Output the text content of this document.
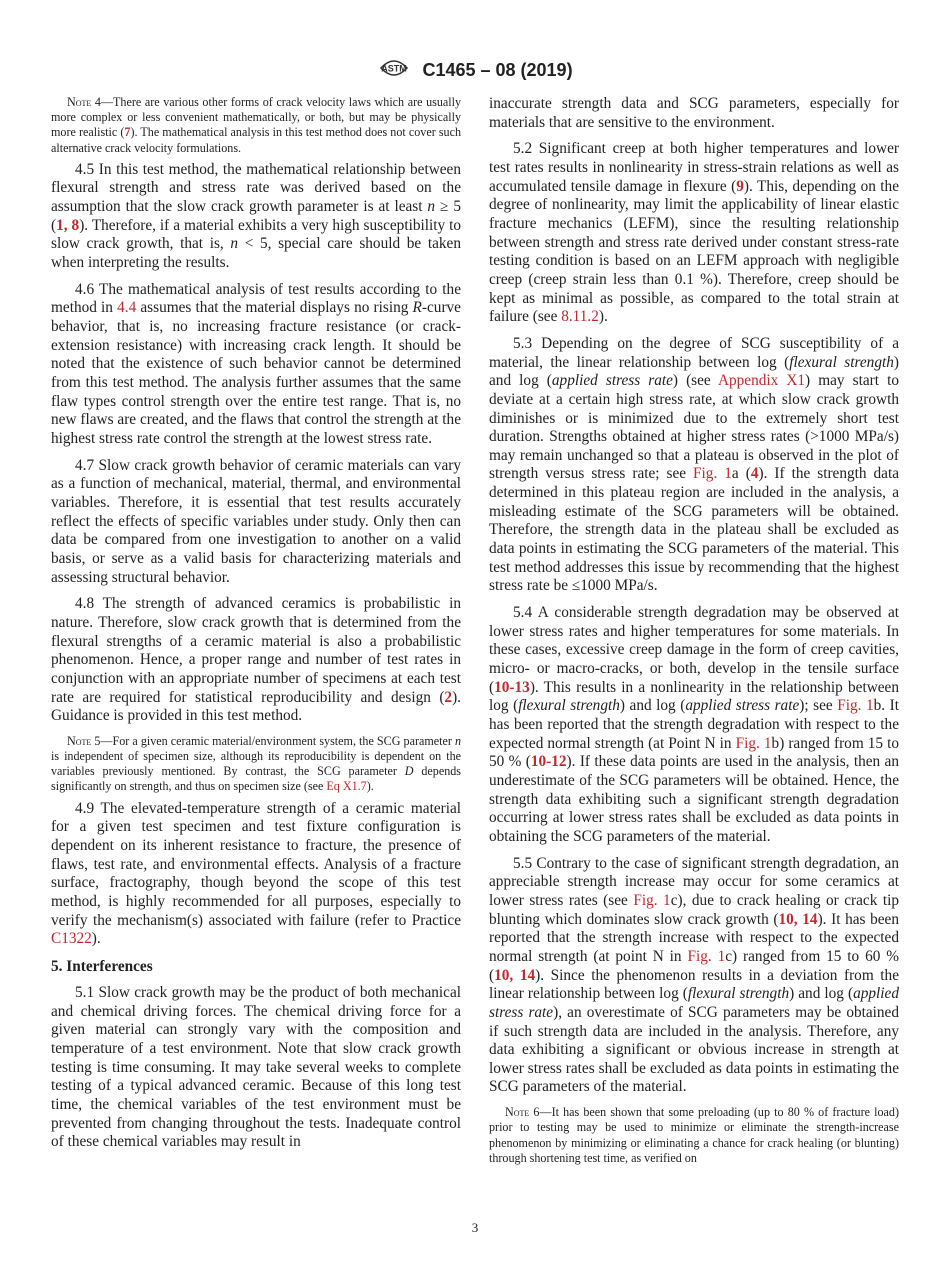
ASTM C1465 – 08 (2019)

Note 4—There are various other forms of crack velocity laws which are usually more complex or less convenient mathematically, or both, but may be physically more realistic (7). The mathematical analysis in this test method does not cover such alternative crack velocity formulations.

4.5 In this test method, the mathematical relationship between flexural strength and stress rate was derived based on the assumption that the slow crack growth parameter is at least n ≥ 5 (1, 8). Therefore, if a material exhibits a very high susceptibility to slow crack growth, that is, n < 5, special care should be taken when interpreting the results.

4.6 The mathematical analysis of test results according to the method in 4.4 assumes that the material displays no rising R-curve behavior, that is, no increasing fracture resistance (or crack-extension resistance) with increasing crack length. It should be noted that the existence of such behavior cannot be determined from this test method. The analysis further assumes that the same flaw types control strength over the entire test range. That is, no new flaws are created, and the flaws that control the strength at the highest stress rate control the strength at the lowest stress rate.

4.7 Slow crack growth behavior of ceramic materials can vary as a function of mechanical, material, thermal, and environmental variables. Therefore, it is essential that test results accurately reflect the effects of specific variables under study. Only then can data be compared from one investigation to another on a valid basis, or serve as a valid basis for characterizing materials and assessing structural behavior.

4.8 The strength of advanced ceramics is probabilistic in nature. Therefore, slow crack growth that is determined from the flexural strengths of a ceramic material is also a probabilistic phenomenon. Hence, a proper range and number of test rates in conjunction with an appropriate number of specimens at each test rate are required for statistical reproducibility and design (2). Guidance is provided in this test method.

Note 5—For a given ceramic material/environment system, the SCG parameter n is independent of specimen size, although its reproducibility is dependent on the variables previously mentioned. By contrast, the SCG parameter D depends significantly on strength, and thus on specimen size (see Eq X1.7).

4.9 The elevated-temperature strength of a ceramic material for a given test specimen and test fixture configuration is dependent on its inherent resistance to fracture, the presence of flaws, test rate, and environmental effects. Analysis of a fracture surface, fractography, though beyond the scope of this test method, is highly recommended for all purposes, especially to verify the mechanism(s) associated with failure (refer to Practice C1322).

5. Interferences

5.1 Slow crack growth may be the product of both mechanical and chemical driving forces. The chemical driving force for a given material can strongly vary with the composition and temperature of a test environment. Note that slow crack growth testing is time consuming. It may take several weeks to complete testing of a typical advanced ceramic. Because of this long test time, the chemical variables of the test environment must be prevented from changing throughout the tests. Inadequate control of these chemical variables may result in

inaccurate strength data and SCG parameters, especially for materials that are sensitive to the environment.

5.2 Significant creep at both higher temperatures and lower test rates results in nonlinearity in stress-strain relations as well as accumulated tensile damage in flexure (9). This, depending on the degree of nonlinearity, may limit the applicability of linear elastic fracture mechanics (LEFM), since the resulting relationship between strength and stress rate derived under constant stress-rate testing condition is based on an LEFM approach with negligible creep (creep strain less than 0.1 %). Therefore, creep should be kept as minimal as possible, as compared to the total strain at failure (see 8.11.2).

5.3 Depending on the degree of SCG susceptibility of a material, the linear relationship between log (flexural strength) and log (applied stress rate) (see Appendix X1) may start to deviate at a certain high stress rate, at which slow crack growth diminishes or is minimized due to the extremely short test duration. Strengths obtained at higher stress rates (>1000 MPa/s) may remain unchanged so that a plateau is observed in the plot of strength versus stress rate; see Fig. 1a (4). If the strength data determined in this plateau region are included in the analysis, a misleading estimate of the SCG parameters will be obtained. Therefore, the strength data in the plateau shall be excluded as data points in estimating the SCG parameters of the material. This test method addresses this issue by recommending that the highest stress rate be ≤1000 MPa/s.

5.4 A considerable strength degradation may be observed at lower stress rates and higher temperatures for some materials. In these cases, excessive creep damage in the form of creep cavities, micro- or macro-cracks, or both, develop in the tensile surface (10-13). This results in a nonlinearity in the relationship between log (flexural strength) and log (applied stress rate); see Fig. 1b. It has been reported that the strength degradation with respect to the expected normal strength (at Point N in Fig. 1b) ranged from 15 to 50 % (10-12). If these data points are used in the analysis, then an underestimate of the SCG parameters will be obtained. Hence, the strength data exhibiting such a significant strength degradation occurring at lower stress rates shall be excluded as data points in obtaining the SCG parameters of the material.

5.5 Contrary to the case of significant strength degradation, an appreciable strength increase may occur for some ceramics at lower stress rates (see Fig. 1c), due to crack healing or crack tip blunting which dominates slow crack growth (10, 14). It has been reported that the strength increase with respect to the expected normal strength (at point N in Fig. 1c) ranged from 15 to 60 % (10, 14). Since the phenomenon results in a deviation from the linear relationship between log (flexural strength) and log (applied stress rate), an overestimate of SCG parameters may be obtained if such strength data are included in the analysis. Therefore, any data exhibiting a significant or obvious increase in strength at lower stress rates shall be excluded as data points in estimating the SCG parameters of the material.

Note 6—It has been shown that some preloading (up to 80 % of fracture load) prior to testing may be used to minimize or eliminate the strength-increase phenomenon by minimizing or eliminating a chance for crack healing (or blunting) through shortening test time, as verified on

3
